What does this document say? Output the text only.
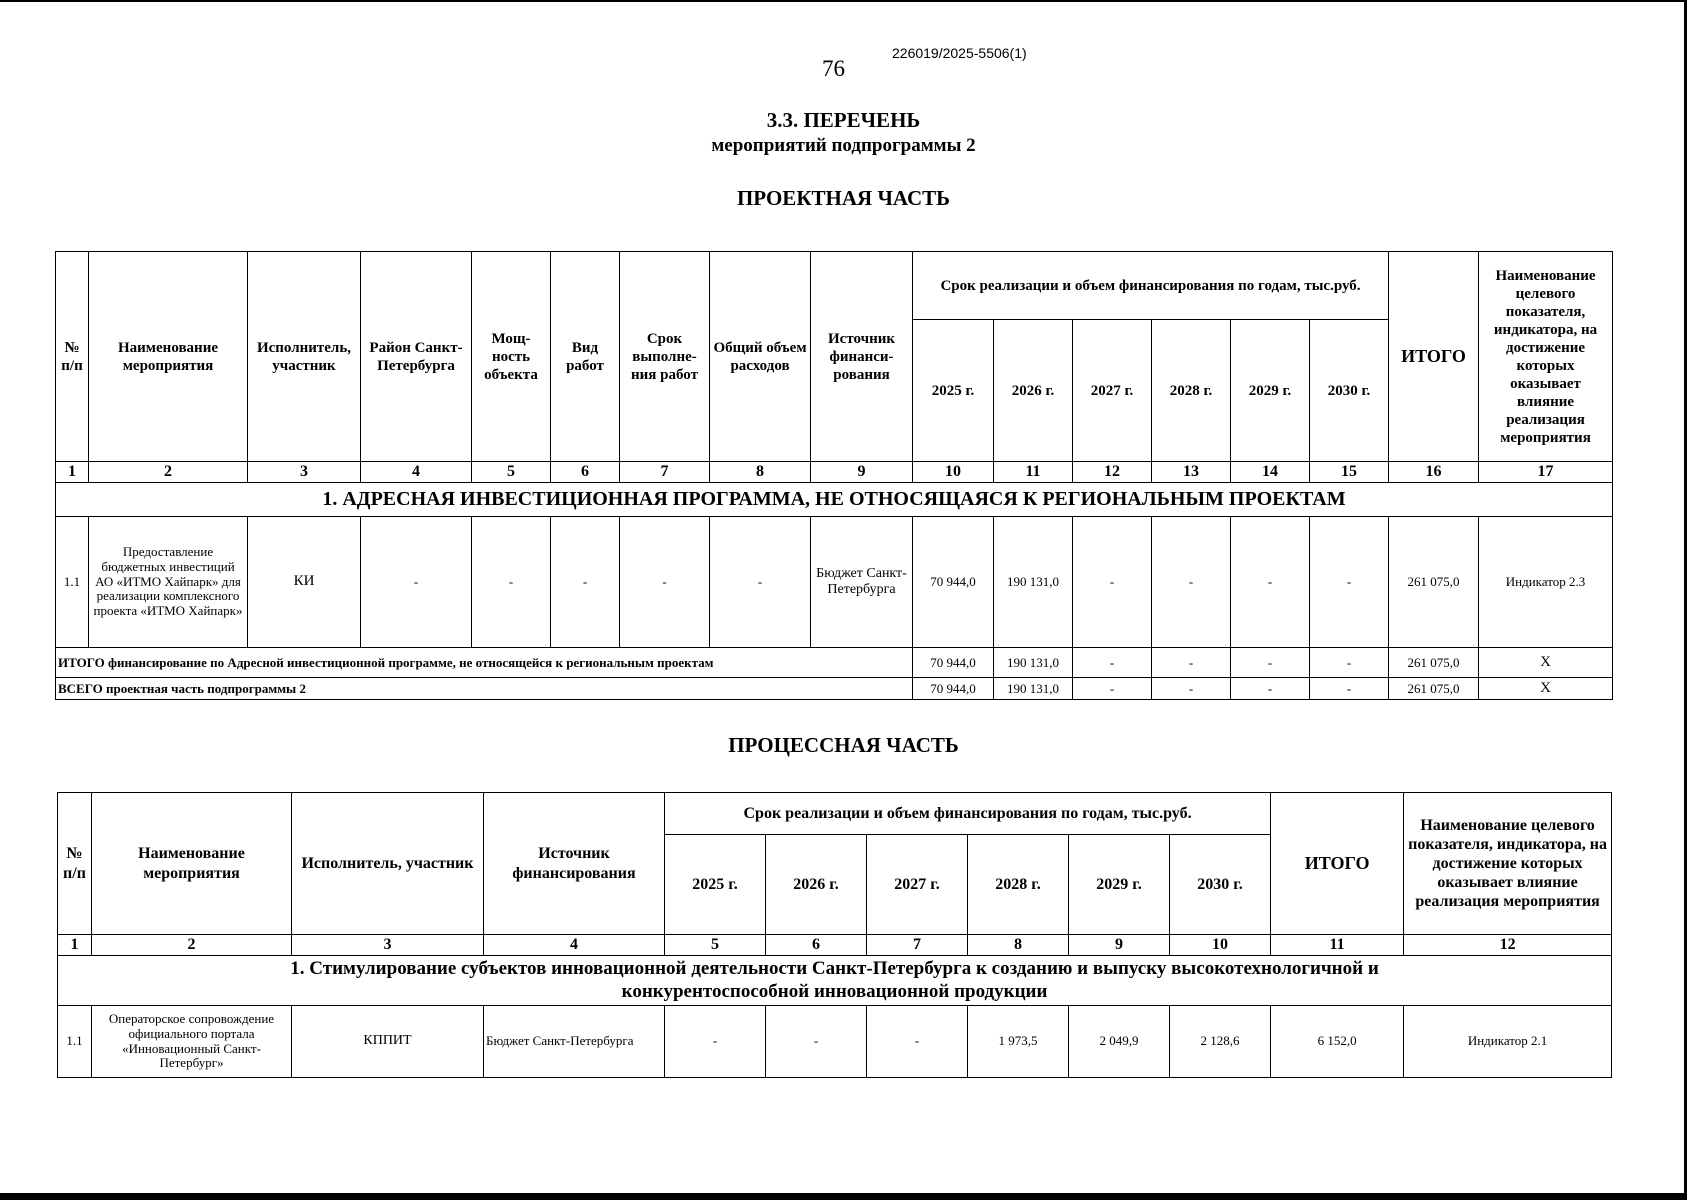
226019/2025-5506(1)
76
3.3. ПЕРЕЧЕНЬ
мероприятий подпрограммы 2
ПРОЕКТНАЯ ЧАСТЬ
№ п/п	Наименование мероприятия	Исполнитель, участник	Район Санкт-Петербурга	Мощ-ность объекта	Вид работ	Срок выполне-ния работ	Общий объем расходов	Источник финанси-рования	Срок реализации и объем финансирования по годам, тыс.руб.						ИТОГО	Наименование целевого показателя, индикатора, на достижение которых оказывает влияние реализация мероприятия
									2025 г.	2026 г.	2027 г.	2028 г.	2029 г.	2030 г.		
1	2	3	4	5	6	7	8	9	10	11	12	13	14	15	16	17
1. АДРЕСНАЯ ИНВЕСТИЦИОННАЯ ПРОГРАММА, НЕ ОТНОСЯЩАЯСЯ К РЕГИОНАЛЬНЫМ ПРОЕКТАМ																
1.1	Предоставление бюджетных инвестиций АО «ИТМО Хайпарк» для реализации комплексного проекта «ИТМО Хайпарк»	КИ	-	-	-	-	-	Бюджет Санкт-Петербурга	70 944,0	190 131,0	-	-	-	-	261 075,0	Индикатор 2.3
ИТОГО финансирование по Адресной инвестиционной программе, не относящейся к региональным проектам									70 944,0	190 131,0	-	-	-	-	261 075,0	X
ВСЕГО проектная часть подпрограммы 2									70 944,0	190 131,0	-	-	-	-	261 075,0	X
ПРОЦЕССНАЯ ЧАСТЬ
№ п/п	Наименование мероприятия	Исполнитель, участник	Источник финансирования	Срок реализации и объем финансирования по годам, тыс.руб.						ИТОГО	Наименование целевого показателя, индикатора, на достижение которых оказывает влияние реализация мероприятия
				2025 г.	2026 г.	2027 г.	2028 г.	2029 г.	2030 г.		
1	2	3	4	5	6	7	8	9	10	11	12
1. Стимулирование субъектов инновационной деятельности Санкт-Петербурга к созданию и выпуску высокотехнологичной и конкурентоспособной инновационной продукции											
1.1	Операторское сопровождение официального портала «Инновационный Санкт-Петербург»	КППИТ	Бюджет Санкт-Петербурга	-	-	-	1 973,5	2 049,9	2 128,6	6 152,0	Индикатор 2.1
